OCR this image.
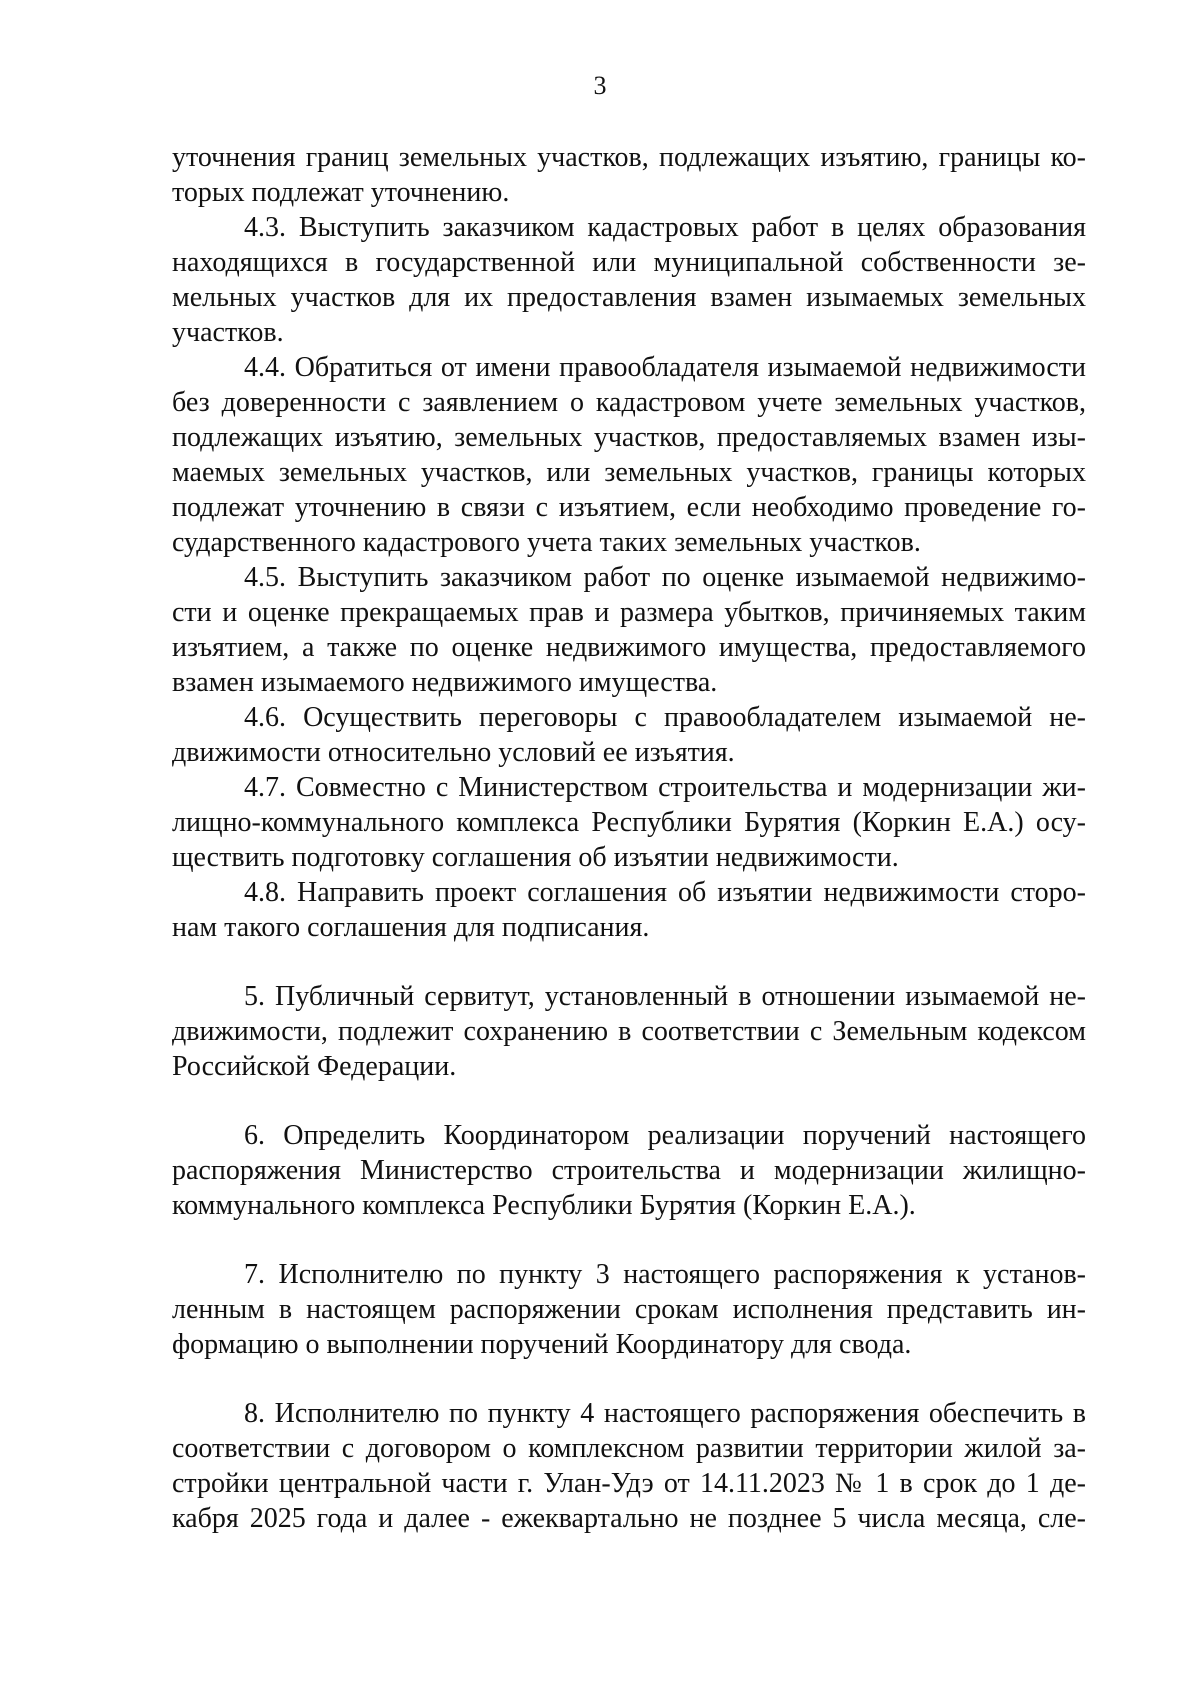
3
уточнения границ земельных участков, подлежащих изъятию, границы ко-
торых подлежат уточнению.
4.3. Выступить заказчиком кадастровых работ в целях образования
находящихся в государственной или муниципальной собственности зе-
мельных участков для их предоставления взамен изымаемых земельных
участков.
4.4. Обратиться от имени правообладателя изымаемой недвижимости
без доверенности с заявлением о кадастровом учете земельных участков,
подлежащих изъятию, земельных участков, предоставляемых взамен изы-
маемых земельных участков, или земельных участков, границы которых
подлежат уточнению в связи с изъятием, если необходимо проведение го-
сударственного кадастрового учета таких земельных участков.
4.5. Выступить заказчиком работ по оценке изымаемой недвижимо-
сти и оценке прекращаемых прав и размера убытков, причиняемых таким
изъятием, а также по оценке недвижимого имущества, предоставляемого
взамен изымаемого недвижимого имущества.
4.6. Осуществить переговоры с правообладателем изымаемой не-
движимости относительно условий ее изъятия.
4.7. Совместно с Министерством строительства и модернизации жи-
лищно-коммунального комплекса Республики Бурятия (Коркин Е.А.) осу-
ществить подготовку соглашения об изъятии недвижимости.
4.8. Направить проект соглашения об изъятии недвижимости сторо-
нам такого соглашения для подписания.
5. Публичный сервитут, установленный в отношении изымаемой не-
движимости, подлежит сохранению в соответствии с Земельным кодексом
Российской Федерации.
6. Определить Координатором реализации поручений настоящего
распоряжения Министерство строительства и модернизации жилищно-
коммунального комплекса Республики Бурятия (Коркин Е.А.).
7. Исполнителю по пункту 3 настоящего распоряжения к установ-
ленным в настоящем распоряжении срокам исполнения представить ин-
формацию о выполнении поручений Координатору для свода.
8. Исполнителю по пункту 4 настоящего распоряжения обеспечить в
соответствии с договором о комплексном развитии территории жилой за-
стройки центральной части г. Улан-Удэ от 14.11.2023 № 1 в срок до 1 де-
кабря 2025 года и далее - ежеквартально не позднее 5 числа месяца, сле-
